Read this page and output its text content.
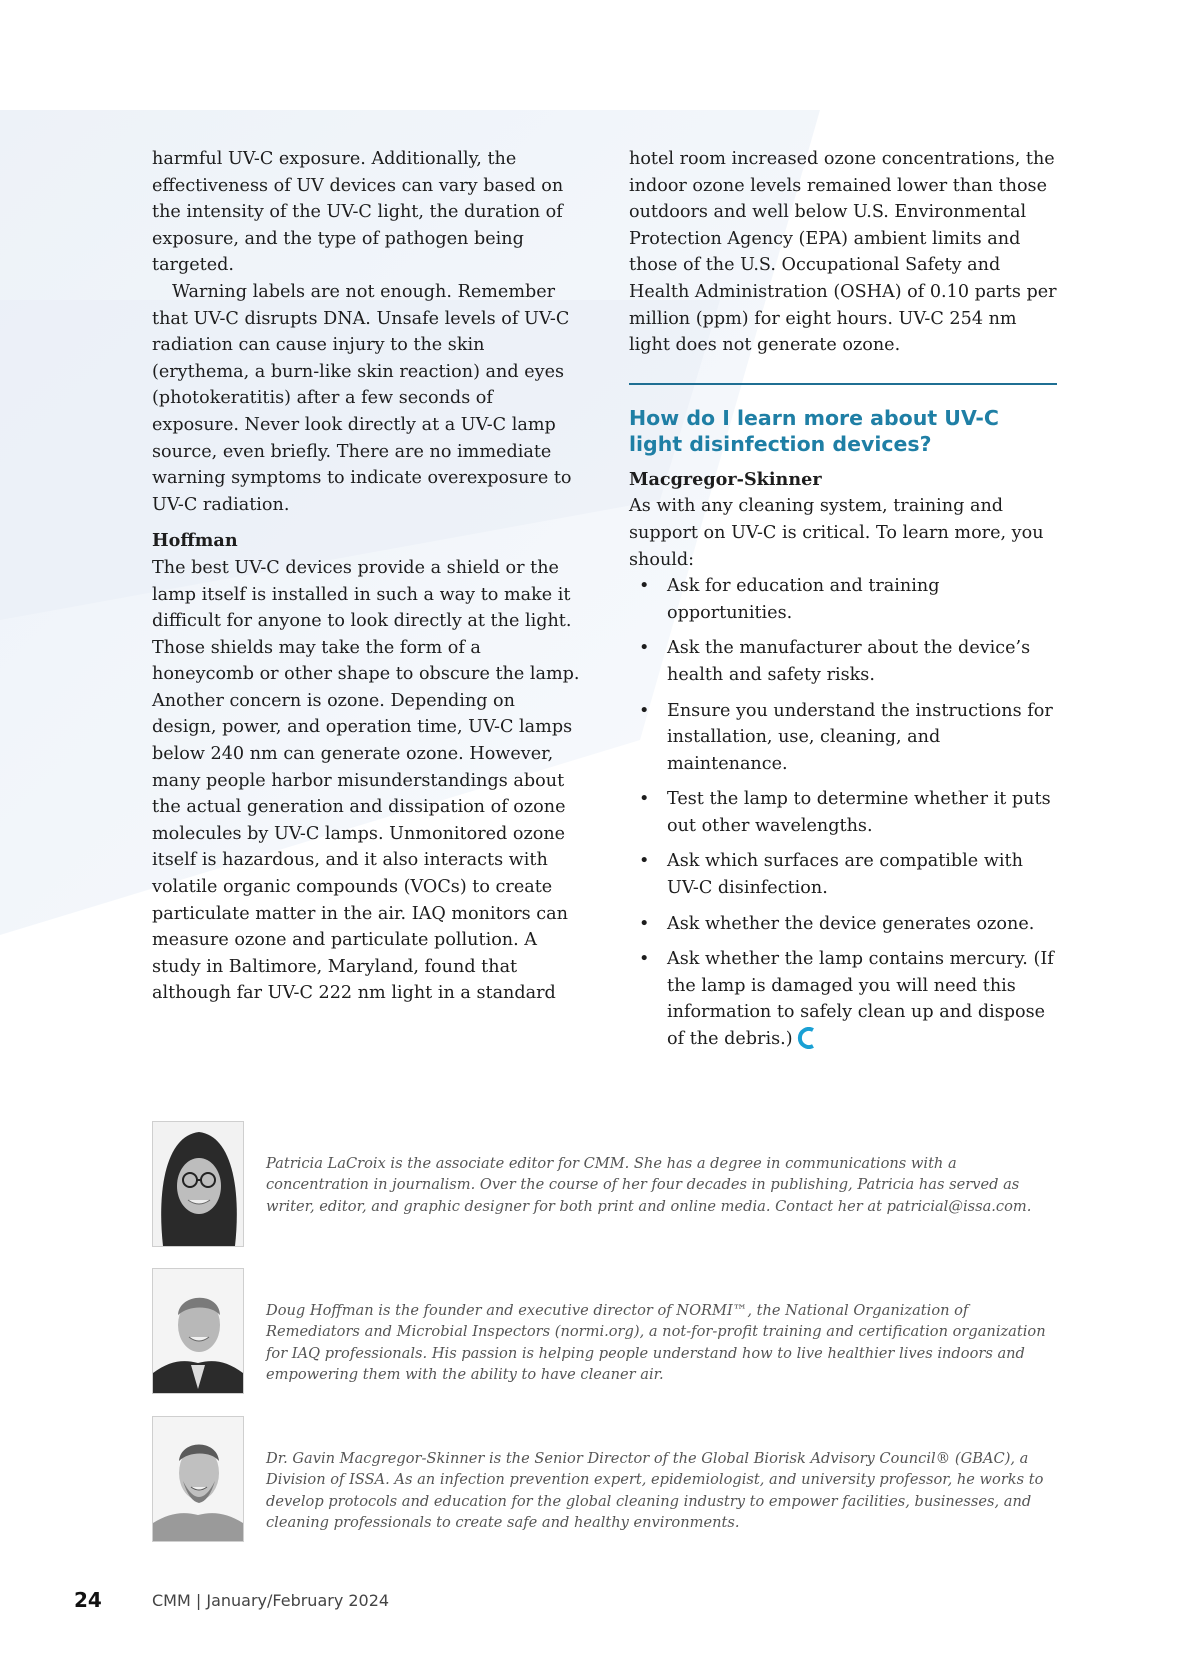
harmful UV-C exposure. Additionally, the effectiveness of UV devices can vary based on the intensity of the UV-C light, the duration of exposure, and the type of pathogen being targeted.

Warning labels are not enough. Remember that UV-C disrupts DNA. Unsafe levels of UV-C radiation can cause injury to the skin (erythema, a burn-like skin reaction) and eyes (photokeratitis) after a few seconds of exposure. Never look directly at a UV-C lamp source, even briefly. There are no immediate warning symptoms to indicate overexposure to UV-C radiation.

Hoffman

The best UV-C devices provide a shield or the lamp itself is installed in such a way to make it difficult for anyone to look directly at the light. Those shields may take the form of a honeycomb or other shape to obscure the lamp. Another concern is ozone. Depending on design, power, and operation time, UV-C lamps below 240 nm can generate ozone. However, many people harbor misunderstandings about the actual generation and dissipation of ozone molecules by UV-C lamps. Unmonitored ozone itself is hazardous, and it also interacts with volatile organic compounds (VOCs) to create particulate matter in the air. IAQ monitors can measure ozone and particulate pollution. A study in Baltimore, Maryland, found that although far UV-C 222 nm light in a standard

hotel room increased ozone concentrations, the indoor ozone levels remained lower than those outdoors and well below U.S. Environmental Protection Agency (EPA) ambient limits and those of the U.S. Occupational Safety and Health Administration (OSHA) of 0.10 parts per million (ppm) for eight hours. UV-C 254 nm light does not generate ozone.

How do I learn more about UV-C light disinfection devices?

Macgregor-Skinner

As with any cleaning system, training and support on UV-C is critical. To learn more, you should:

• Ask for education and training opportunities.
• Ask the manufacturer about the device’s health and safety risks.
• Ensure you understand the instructions for installation, use, cleaning, and maintenance.
• Test the lamp to determine whether it puts out other wavelengths.
• Ask which surfaces are compatible with UV-C disinfection.
• Ask whether the device generates ozone.
• Ask whether the lamp contains mercury. (If the lamp is damaged you will need this information to safely clean up and dispose of the debris.)

Patricia LaCroix is the associate editor for CMM. She has a degree in communications with a concentration in journalism. Over the course of her four decades in publishing, Patricia has served as writer, editor, and graphic designer for both print and online media. Contact her at patricial@issa.com.

Doug Hoffman is the founder and executive director of NORMI™, the National Organization of Remediators and Microbial Inspectors (normi.org), a not-for-profit training and certification organization for IAQ professionals. His passion is helping people understand how to live healthier lives indoors and empowering them with the ability to have cleaner air.

Dr. Gavin Macgregor-Skinner is the Senior Director of the Global Biorisk Advisory Council® (GBAC), a Division of ISSA. As an infection prevention expert, epidemiologist, and university professor, he works to develop protocols and education for the global cleaning industry to empower facilities, businesses, and cleaning professionals to create safe and healthy environments.

24	CMM | January/February 2024
